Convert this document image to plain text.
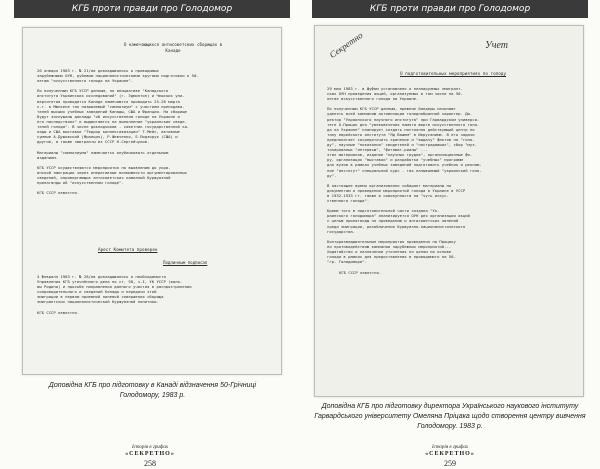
КГБ проти правди про Голодомор
О намечающихся антисоветских сборищах в Канаде
20 января 1983 г. № 21/ов докладывалось о проводимых
зарубежными ОУН, рубежом националистическими кругами подготовки к 50-
летию "искусственного голода на Украине".
По полученным КГБ УССР данным, по инициативе "Канадского
института Украинских исследований" (г. Эдмонтон) и Чешских уни-
верситетов проводится Канаде намечаются проводить 25-26 марта
с.г. в Мюнхене так называемый "симпозиум" с участием преподава-
телей высших учебных заведений Канады, США и Франции. На сборище
будут заслушаны доклады "об искусственном голоде на Украине и
его последствиях" и выдвигаются на выполнение "украинские сведе-
телей голода". В числе докладчиков - советник государственной ка-
нады и США выставки "Террор коллективизации" Т.Мейс, активные
сумные А.Душовский (Франция), Р.Шевченко, Е.Подзорук (США) и
другие, а также эмигранты из СССР Н.Сергейчуков.
Материалы "симпозиума" намечается опубликовать отдельным
изданием.
КГБ УССР осуществляются мероприятия по выявлению до укра-
инской эмиграции через оперативные возможности аргументированных
сведений, опровергающих антисоветских кампаний буржуазной
пропаганды об "искусственном голоде".
КГБ СССР известно.
Арест Комитета проверен
Подлинным подписал
4 февраля 1983 г. № 28/ов докладывалось о необходимости
Управления КГБ уточнённого дела по ст. 58, ч.I, УК УССР (вало-
вы Родина) и просьбе направления данного участия в распространении
сопроводительного и сведений Канады и передачи этой
эмиграции в первом приемной полевой совершения сборища
эмигрантских националистической буржуазной политики.
КГБ СССР известно.
Доповідна КГБ про підготовку в Канаді відзначення 50-Грічниці Голодомору, 1983 р.
Історія в грифах
«СЕКРЕТНО»
258
КГБ проти правди про Голодомор
Секретно	Учет
О подготовительных мероприятиях по голоду
29 мая 1983 г. в Шуфом установлено о планируемых эмигрант-
ских ОУН проведения акций, организуемых в том числе на 50-
летие искусственного голода на Украине.
По полученным КГБ УССР данным, прежние бандеры начинают
уделять всей кампанию активизации голоднобранной характер. Ди-
ректор "Украинского научного института" при Гарвардском универси-
тете О.Прицак для "увековечения памяти жертв искусственного голо-
да на Украине" планирует создать постоянно действующий центр по
типу еврейского института "Яд Вашем" в Иерусалиме. В его задачи
предполагает сосредоточить хранение и "выдачу" фактов по "голо-
ду", научные "показания" свидетелей и "пострадавших", сбор "муз-
тизированых "интервью", "фотомат-риалы" ...
этих материалов, издание "научных трудов", организационные фо-
ру, организация "выставок" и разработка "учебных" программ
для вузов в рамках учебных заведений подготовить учебник и реклам-
ное "институт" специальной курс - так называемый "украинский голо-
ду".
В настоящее время организованно собирает материалы по
документам о проведении мероприятий голода в Украине в УССР
в 1932-1933 гг. также в совокупности на "чуть искус-
ственного голода".
Кроме того в подготовительной части создана "Ук-
раинского голодомора" анализируется ОУН для организации акций
с целью пропаганды по проведению и антисоветских явлений
среди эмиграции, разоблачение буржуазно-националистического
государства.
Контрразведывательные мероприятия проведения по Прицаку
по противодействию кампании зарубежных мероприятий...
Ходатайство о назначении уточнения по целям на основе
голода в рамках для предоставления в проводимого на 50-
"гр. Голодомора".
КГБ СССР известно.
Доповідна КГБ про підготовку директора Українського наукового інституту Гарвардського університету Омеляна Пріцака щодо створення центру вивчення Голодомору. 1983 р.
Історія в грифах
«СЕКРЕТНО»
259
